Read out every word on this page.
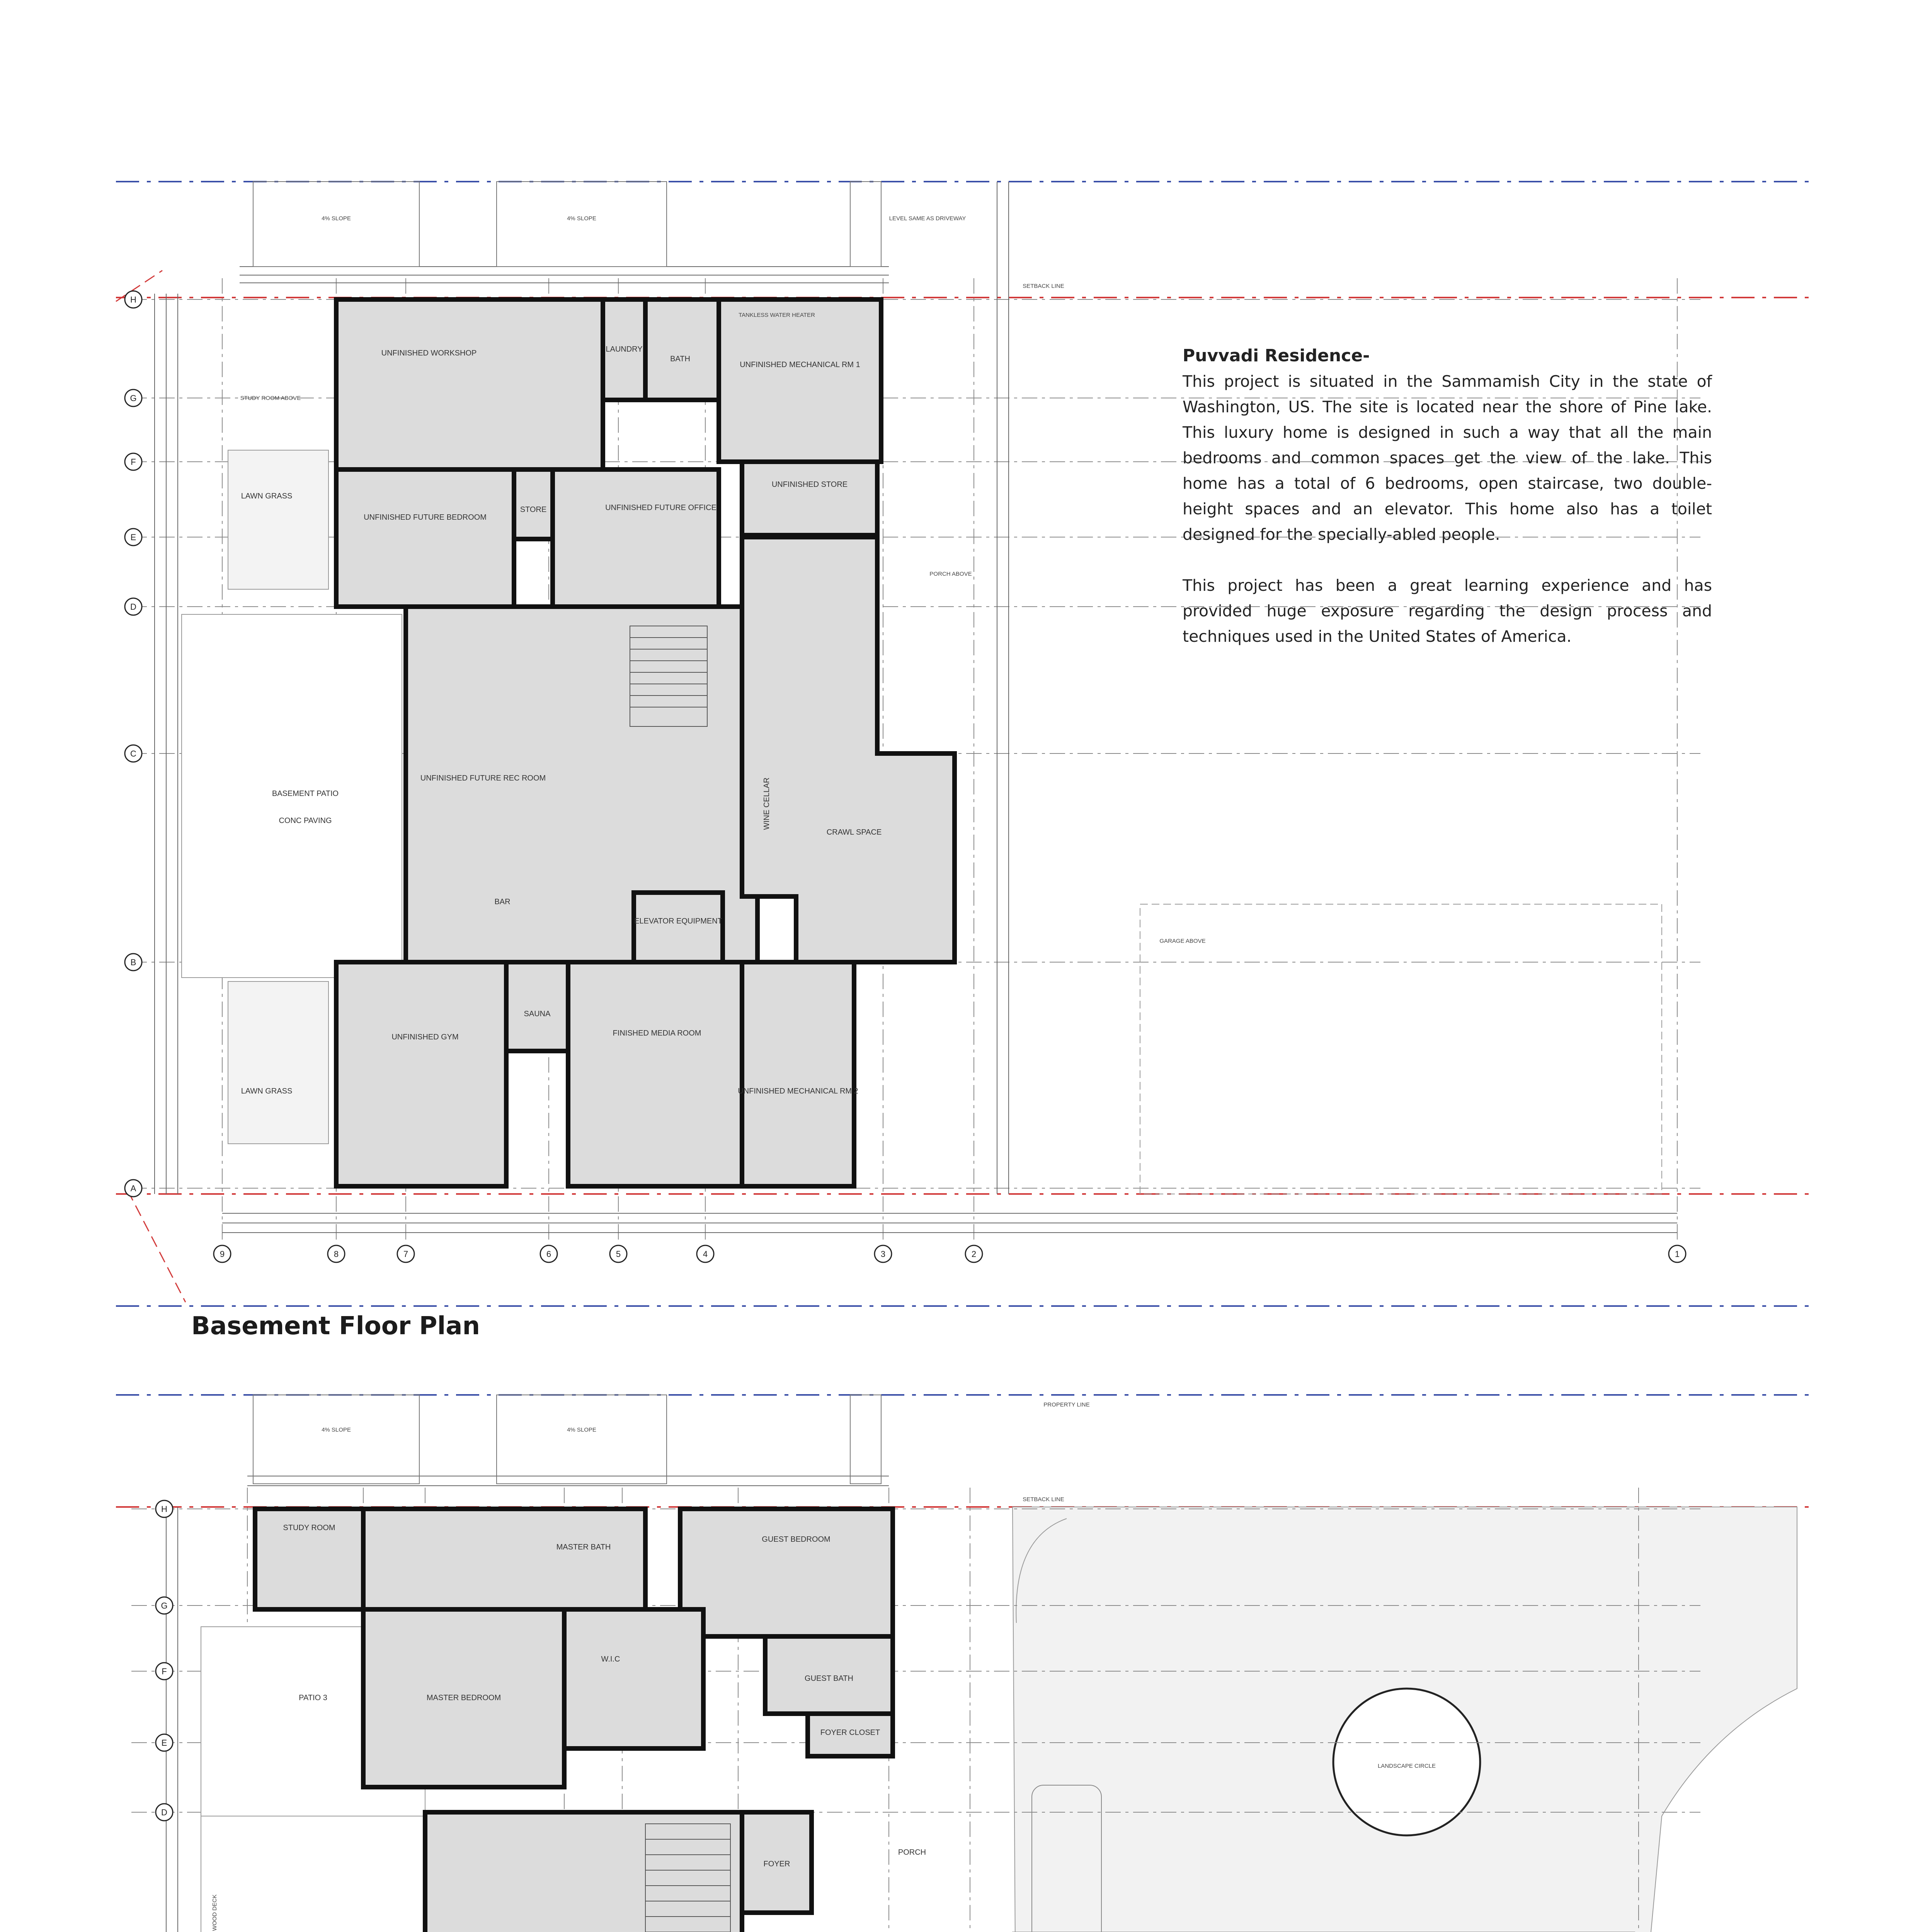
UNFINISHED WORKSHOP	LAUNDRY
BATH
UNFINISHED MECHANICAL RM 1
UNFINISHED FUTURE BEDROOM
STORE	UNFINISHED FUTURE OFFICE
UNFINISHED STORE
UNFINISHED FUTURE REC ROOM	WINE CELLAR
CRAWL SPACE
BASEMENT PATIO
CONC PAVING
BAR
ELEVATOR EQUIPMENT
UNFINISHED GYM
SAUNA
FINISHED MEDIA ROOM
UNFINISHED MECHANICAL RM 2
LAWN GRASS
LAWN GRASS
GARAGE ABOVE
PORCH ABOVE
STUDY ROOM ABOVE
SETBACK LINE
TANKLESS WATER HEATER
LEVEL SAME AS DRIVEWAY
4% SLOPE	4% SLOPE
STUDY ROOM
MASTER BATH
GUEST BEDROOM
MASTER BEDROOM
W.I.C
GUEST BATH
FOYER CLOSET
PATIO 3
FOYER
PORCH
LANDSCAPE CIRCLE
WOOD DECK
PROPERTY LINE
SETBACK LINE
4% SLOPE	4% SLOPE
H
G
F
E
D
C
B
A
9	8	7	6	5	4	3	2	1
H
G
F
E
D
Puvvadi Residence-

This project is situated in the Sammamish City in the state of Washington, US. The site is located near the shore of Pine lake. This luxury home is designed in such a way that all the main bedrooms and common spaces get the view of the lake. This home has a total of 6 bedrooms, open staircase, two double-height spaces and an elevator. This home also has a toilet designed for the specially-abled people.

This project has been a great learning experience and has provided huge exposure regarding the design process and techniques used in the United States of America.

Basement Floor Plan
